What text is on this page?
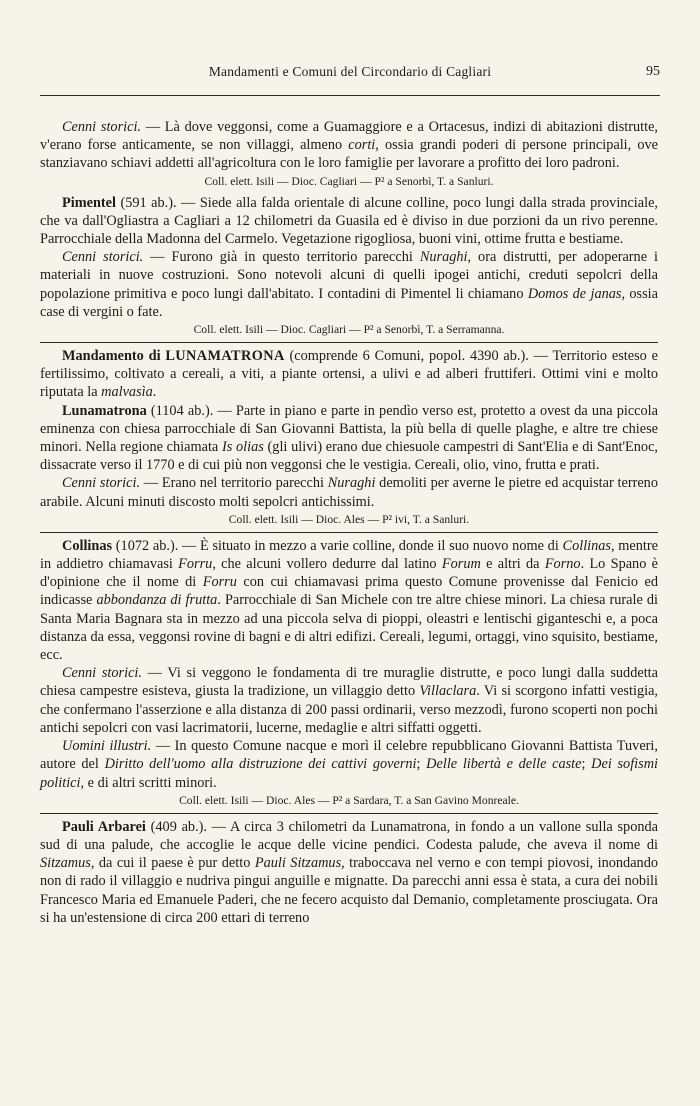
Mandamenti e Comuni del Circondario di Cagliari	95

Cenni storici. — Là dove veggonsi, come a Guamaggiore e a Ortacesus, indizi di abitazioni distrutte, v'erano forse anticamente, se non villaggi, almeno corti, ossia grandi poderi di persone principali, ove stanziavano schiavi addetti all'agricoltura con le loro famiglie per lavorare a profitto dei loro padroni.

Coll. elett. Isili — Dioc. Cagliari — P² a Senorbì, T. a Sanluri.

Pimentel (591 ab.). — Siede alla falda orientale di alcune colline, poco lungi dalla strada provinciale, che va dall'Ogliastra a Cagliari a 12 chilometri da Guasila ed è diviso in due porzioni da un rivo perenne. Parrocchiale della Madonna del Carmelo. Vegetazione rigogliosa, buoni vini, ottime frutta e bestiame.

Cenni storici. — Furono già in questo territorio parecchi Nuraghi, ora distrutti, per adoperarne i materiali in nuove costruzioni. Sono notevoli alcuni di quelli ipogei antichi, creduti sepolcri della popolazione primitiva e poco lungi dall'abitato. I contadini di Pimentel li chiamano Domos de janas, ossia case di vergini o fate.

Coll. elett. Isili — Dioc. Cagliari — P² a Senorbì, T. a Serramanna.

Mandamento di LUNAMATRONA (comprende 6 Comuni, popol. 4390 ab.). — Territorio esteso e fertilissimo, coltivato a cereali, a viti, a piante ortensi, a ulivi e ad alberi fruttiferi. Ottimi vini e molto riputata la malvasìa.

Lunamatrona (1104 ab.). — Parte in piano e parte in pendìo verso est, protetto a ovest da una piccola eminenza con chiesa parrocchiale di San Giovanni Battista, la più bella di quelle plaghe, e altre tre chiese minori. Nella regione chiamata Is olias (gli ulivi) erano due chiesuole campestri di Sant'Elia e di Sant'Enoc, dissacrate verso il 1770 e di cui più non veggonsi che le vestigia. Cereali, olio, vino, frutta e prati.

Cenni storici. — Erano nel territorio parecchi Nuraghi demoliti per averne le pietre ed acquistar terreno arabile. Alcuni minuti discosto molti sepolcri antichissimi.

Coll. elett. Isili — Dioc. Ales — P² ivi, T. a Sanluri.

Collinas (1072 ab.). — È situato in mezzo a varie colline, donde il suo nuovo nome di Collinas, mentre in addietro chiamavasi Forru, che alcuni vollero dedurre dal latino Forum e altri da Forno. Lo Spano è d'opinione che il nome di Forru con cui chiamavasi prima questo Comune provenisse dal Fenicio ed indicasse abbondanza di frutta. Parrocchiale di San Michele con tre altre chiese minori. La chiesa rurale di Santa Maria Bagnara sta in mezzo ad una piccola selva di pioppi, oleastri e lentischi giganteschi e, a poca distanza da essa, veggonsi rovine di bagni e di altri edifizi. Cereali, legumi, ortaggi, vino squisito, bestiame, ecc.

Cenni storici. — Vi si veggono le fondamenta di tre muraglie distrutte, e poco lungi dalla suddetta chiesa campestre esisteva, giusta la tradizione, un villaggio detto Villaclara. Vi si scorgono infatti vestigia, che confermano l'asserzione e alla distanza di 200 passi ordinarii, verso mezzodì, furono scoperti non pochi antichi sepolcri con vasi lacrimatorii, lucerne, medaglie e altri siffatti oggetti.

Uomini illustri. — In questo Comune nacque e morì il celebre repubblicano Giovanni Battista Tuveri, autore del Diritto dell'uomo alla distruzione dei cattivi governi; Delle libertà e delle caste; Dei sofismi politici, e di altri scritti minori.

Coll. elett. Isili — Dioc. Ales — P² a Sardara, T. a San Gavino Monreale.

Pauli Arbarei (409 ab.). — A circa 3 chilometri da Lunamatrona, in fondo a un vallone sulla sponda sud di una palude, che accoglie le acque delle vicine pendici. Codesta palude, che aveva il nome di Sitzamus, da cui il paese è pur detto Pauli Sitzamus, traboccava nel verno e con tempi piovosi, inondando non di rado il villaggio e nudriva pingui anguille e mignatte. Da parecchi anni essa è stata, a cura dei nobili Francesco Maria ed Emanuele Paderi, che ne fecero acquisto dal Demanio, completamente prosciugata. Ora si ha un'estensione di circa 200 ettari di terreno
